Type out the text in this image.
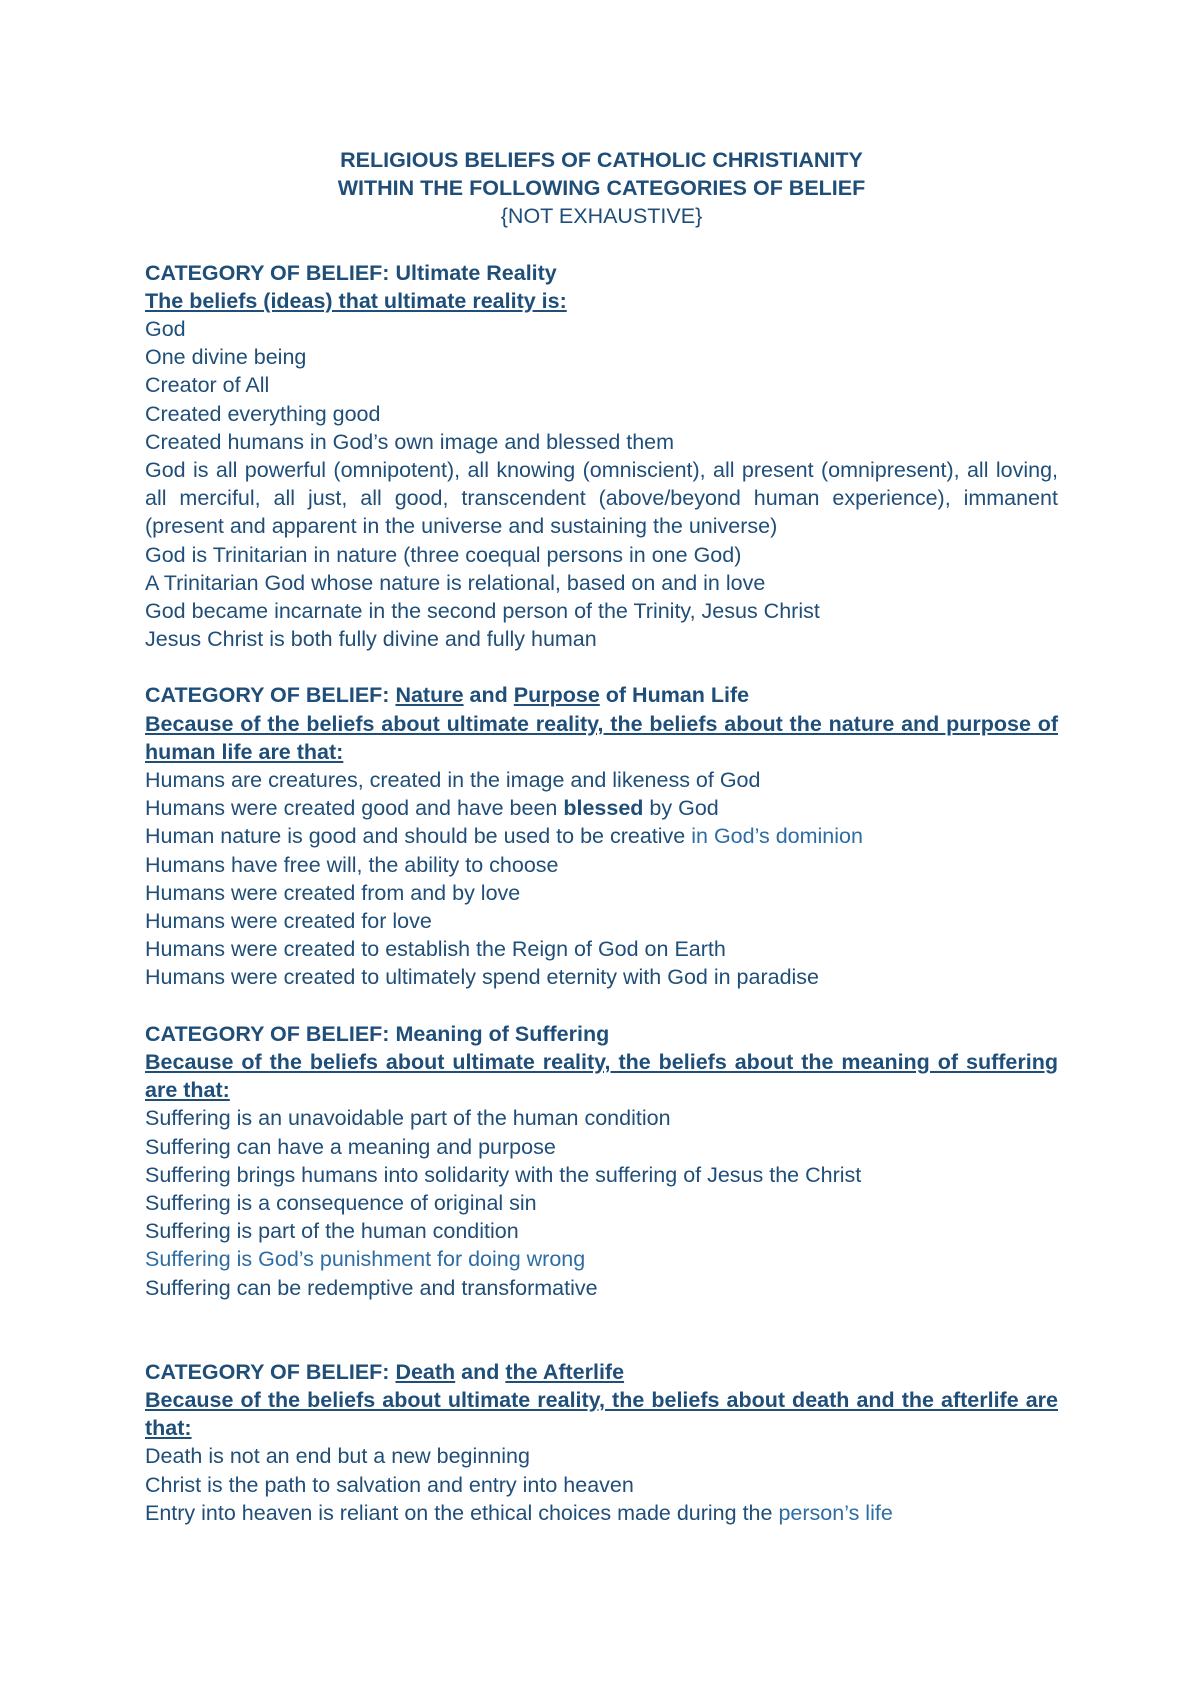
RELIGIOUS BELIEFS OF CATHOLIC CHRISTIANITY

WITHIN THE FOLLOWING CATEGORIES OF BELIEF

{NOT EXHAUSTIVE}

CATEGORY OF BELIEF: Ultimate Reality

The beliefs (ideas) that ultimate reality is:

God

One divine being

Creator of All

Created everything good

Created humans in God’s own image and blessed them

God is all powerful (omnipotent), all knowing (omniscient), all present (omnipresent), all loving, all merciful, all just, all good, transcendent (above/beyond human experience), immanent (present and apparent in the universe and sustaining the universe)

God is Trinitarian in nature (three coequal persons in one God)

A Trinitarian God whose nature is relational, based on and in love

God became incarnate in the second person of the Trinity, Jesus Christ

Jesus Christ is both fully divine and fully human

CATEGORY OF BELIEF: Nature and Purpose of Human Life

Because of the beliefs about ultimate reality, the beliefs about the nature and purpose of human life are that:

Humans are creatures, created in the image and likeness of God

Humans were created good and have been blessed by God

Human nature is good and should be used to be creative in God’s dominion

Humans have free will, the ability to choose

Humans were created from and by love

Humans were created for love

Humans were created to establish the Reign of God on Earth

Humans were created to ultimately spend eternity with God in paradise

CATEGORY OF BELIEF: Meaning of Suffering

Because of the beliefs about ultimate reality, the beliefs about the meaning of suffering are that:

Suffering is an unavoidable part of the human condition

Suffering can have a meaning and purpose

Suffering brings humans into solidarity with the suffering of Jesus the Christ

Suffering is a consequence of original sin

Suffering is part of the human condition

Suffering is God’s punishment for doing wrong

Suffering can be redemptive and transformative

CATEGORY OF BELIEF: Death and the Afterlife

Because of the beliefs about ultimate reality, the beliefs about death and the afterlife are that:

Death is not an end but a new beginning

Christ is the path to salvation and entry into heaven

Entry into heaven is reliant on the ethical choices made during the person’s life
